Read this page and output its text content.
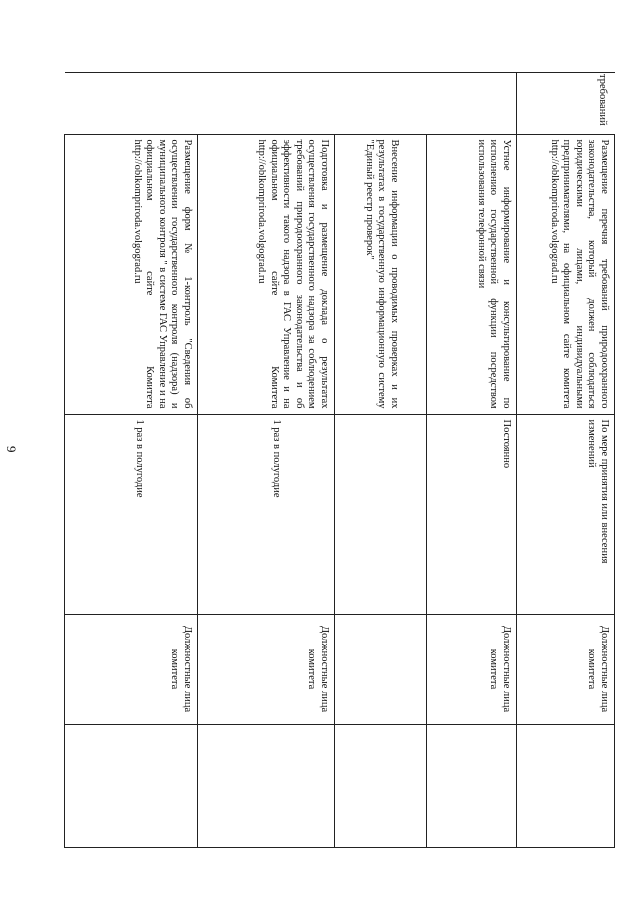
9
требований	Размещение перечня требований природоохранного законодательства, который должен соблюдаться юридическими лицами, индивидуальными предпринимателями, на официальном сайте комитета http://oblkompriroda.volgograd.ru	По мере принятия или внесения изменений	Должностные лица комитета	
	Устное информирование и консультирование по исполнению государственной функции посредством использования телефонной связи	Постоянно	Должностные лица комитета	

	Внесение информации о проводимых проверках и их результатах в государственную информационную систему "Единый реестр проверок"			

	Подготовка и размещение доклада о результатах осуществления государственного надзора за соблюдением требований природоохранного законодательства и об эффективности такого надзора в ГАС Управление и на официальном сайте Комитета http://oblkompriroda.volgograd.ru	1 раз в полугодие	Должностные лица комитета	
	Размещение форм № 1-контроль "Сведения об осуществлении государственного контроля (надзора) и муниципального контроля " в системе ГАС Управление и на официальном сайте Комитета http://oblkompriroda.volgograd.ru	1 раз в полугодие	Должностные лица комитета	
